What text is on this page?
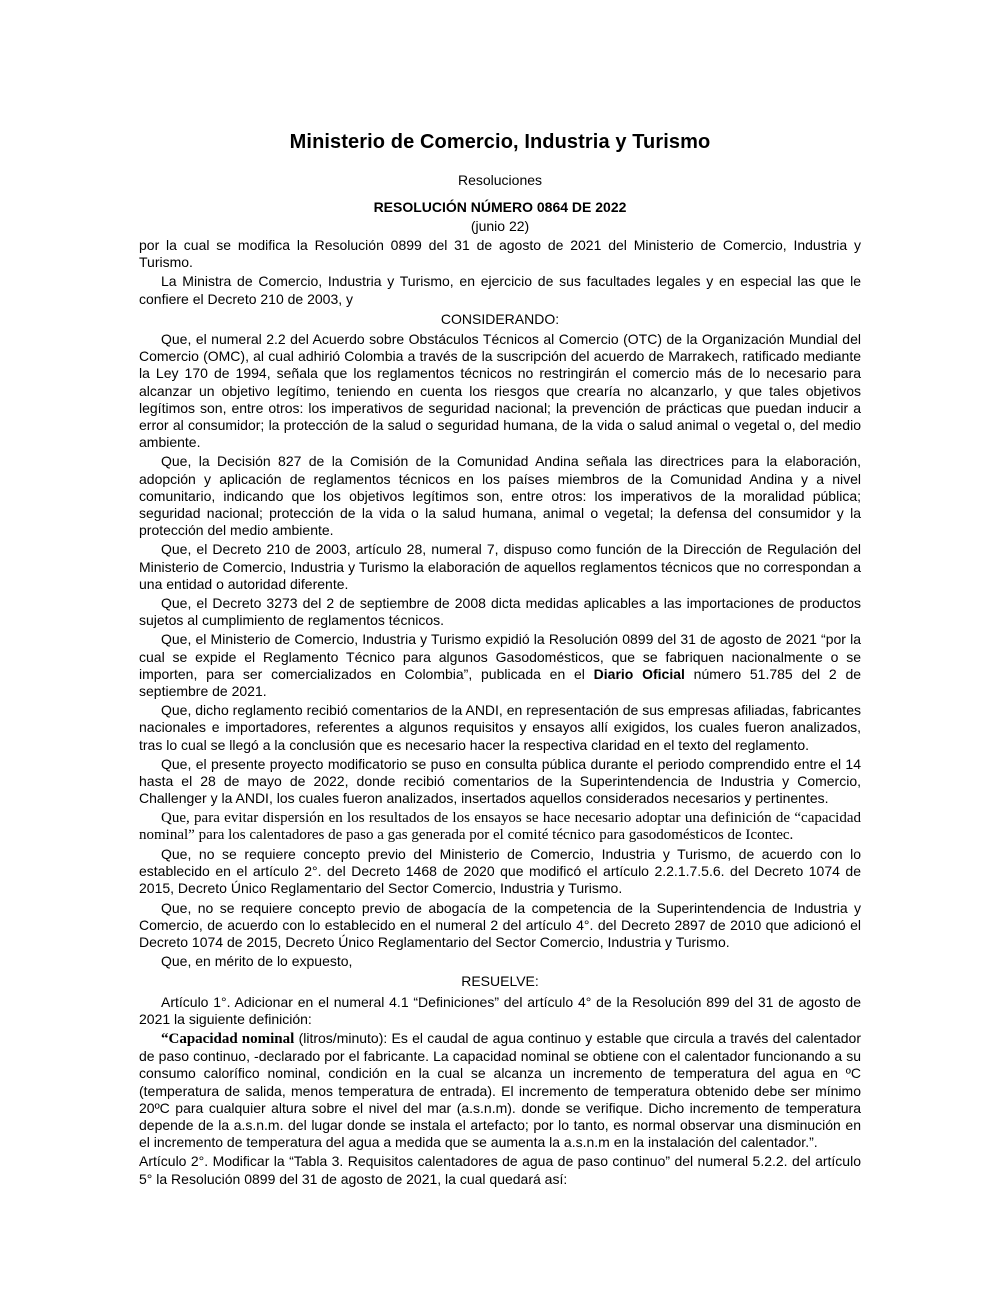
Ministerio de Comercio, Industria y Turismo
Resoluciones
RESOLUCIÓN NÚMERO 0864 DE 2022
(junio 22)

por la cual se modifica la Resolución 0899 del 31 de agosto de 2021 del Ministerio de Comercio, Industria y Turismo.

La Ministra de Comercio, Industria y Turismo, en ejercicio de sus facultades legales y en especial las que le confiere el Decreto 210 de 2003, y

CONSIDERANDO:

Que, el numeral 2.2 del Acuerdo sobre Obstáculos Técnicos al Comercio (OTC) de la Organización Mundial del Comercio (OMC), al cual adhirió Colombia a través de la suscripción del acuerdo de Marrakech, ratificado mediante la Ley 170 de 1994, señala que los reglamentos técnicos no restringirán el comercio más de lo necesario para alcanzar un objetivo legítimo, teniendo en cuenta los riesgos que crearía no alcanzarlo, y que tales objetivos legítimos son, entre otros: los imperativos de seguridad nacional; la prevención de prácticas que puedan inducir a error al consumidor; la protección de la salud o seguridad humana, de la vida o salud animal o vegetal o, del medio ambiente.

Que, la Decisión 827 de la Comisión de la Comunidad Andina señala las directrices para la elaboración, adopción y aplicación de reglamentos técnicos en los países miembros de la Comunidad Andina y a nivel comunitario, indicando que los objetivos legítimos son, entre otros: los imperativos de la moralidad pública; seguridad nacional; protección de la vida o la salud humana, animal o vegetal; la defensa del consumidor y la protección del medio ambiente.

Que, el Decreto 210 de 2003, artículo 28, numeral 7, dispuso como función de la Dirección de Regulación del Ministerio de Comercio, Industria y Turismo la elaboración de aquellos reglamentos técnicos que no correspondan a una entidad o autoridad diferente.

Que, el Decreto 3273 del 2 de septiembre de 2008 dicta medidas aplicables a las importaciones de productos sujetos al cumplimiento de reglamentos técnicos.

Que, el Ministerio de Comercio, Industria y Turismo expidió la Resolución 0899 del 31 de agosto de 2021 “por la cual se expide el Reglamento Técnico para algunos Gasodomésticos, que se fabriquen nacionalmente o se importen, para ser comercializados en Colombia”, publicada en el Diario Oficial número 51.785 del 2 de septiembre de 2021.

Que, dicho reglamento recibió comentarios de la ANDI, en representación de sus empresas afiliadas, fabricantes nacionales e importadores, referentes a algunos requisitos y ensayos allí exigidos, los cuales fueron analizados, tras lo cual se llegó a la conclusión que es necesario hacer la respectiva claridad en el texto del reglamento.

Que, el presente proyecto modificatorio se puso en consulta pública durante el periodo comprendido entre el 14 hasta el 28 de mayo de 2022, donde recibió comentarios de la Superintendencia de Industria y Comercio, Challenger y la ANDI, los cuales fueron analizados, insertados aquellos considerados necesarios y pertinentes.

Que, para evitar dispersión en los resultados de los ensayos se hace necesario adoptar una definición de “capacidad nominal” para los calentadores de paso a gas generada por el comité técnico para gasodomésticos de Icontec.

Que, no se requiere concepto previo del Ministerio de Comercio, Industria y Turismo, de acuerdo con lo establecido en el artículo 2°. del Decreto 1468 de 2020 que modificó el artículo 2.2.1.7.5.6. del Decreto 1074 de 2015, Decreto Único Reglamentario del Sector Comercio, Industria y Turismo.

Que, no se requiere concepto previo de abogacía de la competencia de la Superintendencia de Industria y Comercio, de acuerdo con lo establecido en el numeral 2 del artículo 4°. del Decreto 2897 de 2010 que adicionó el Decreto 1074 de 2015, Decreto Único Reglamentario del Sector Comercio, Industria y Turismo.

Que, en mérito de lo expuesto,

RESUELVE:

Artículo 1°. Adicionar en el numeral 4.1 “Definiciones” del artículo 4° de la Resolución 899 del 31 de agosto de 2021 la siguiente definición:

“Capacidad nominal (litros/minuto): Es el caudal de agua continuo y estable que circula a través del calentador de paso continuo, -declarado por el fabricante. La capacidad nominal se obtiene con el calentador funcionando a su consumo calorífico nominal, condición en la cual se alcanza un incremento de temperatura del agua en ºC (temperatura de salida, menos temperatura de entrada). El incremento de temperatura obtenido debe ser mínimo 20ºC para cualquier altura sobre el nivel del mar (a.s.n.m). donde se verifique. Dicho incremento de temperatura depende de la a.s.n.m. del lugar donde se instala el artefacto; por lo tanto, es normal observar una disminución en el incremento de temperatura del agua a medida que se aumenta la a.s.n.m en la instalación del calentador.”.

Artículo 2°. Modificar la “Tabla 3. Requisitos calentadores de agua de paso continuo” del numeral 5.2.2. del artículo 5° la Resolución 0899 del 31 de agosto de 2021, la cual quedará así:
